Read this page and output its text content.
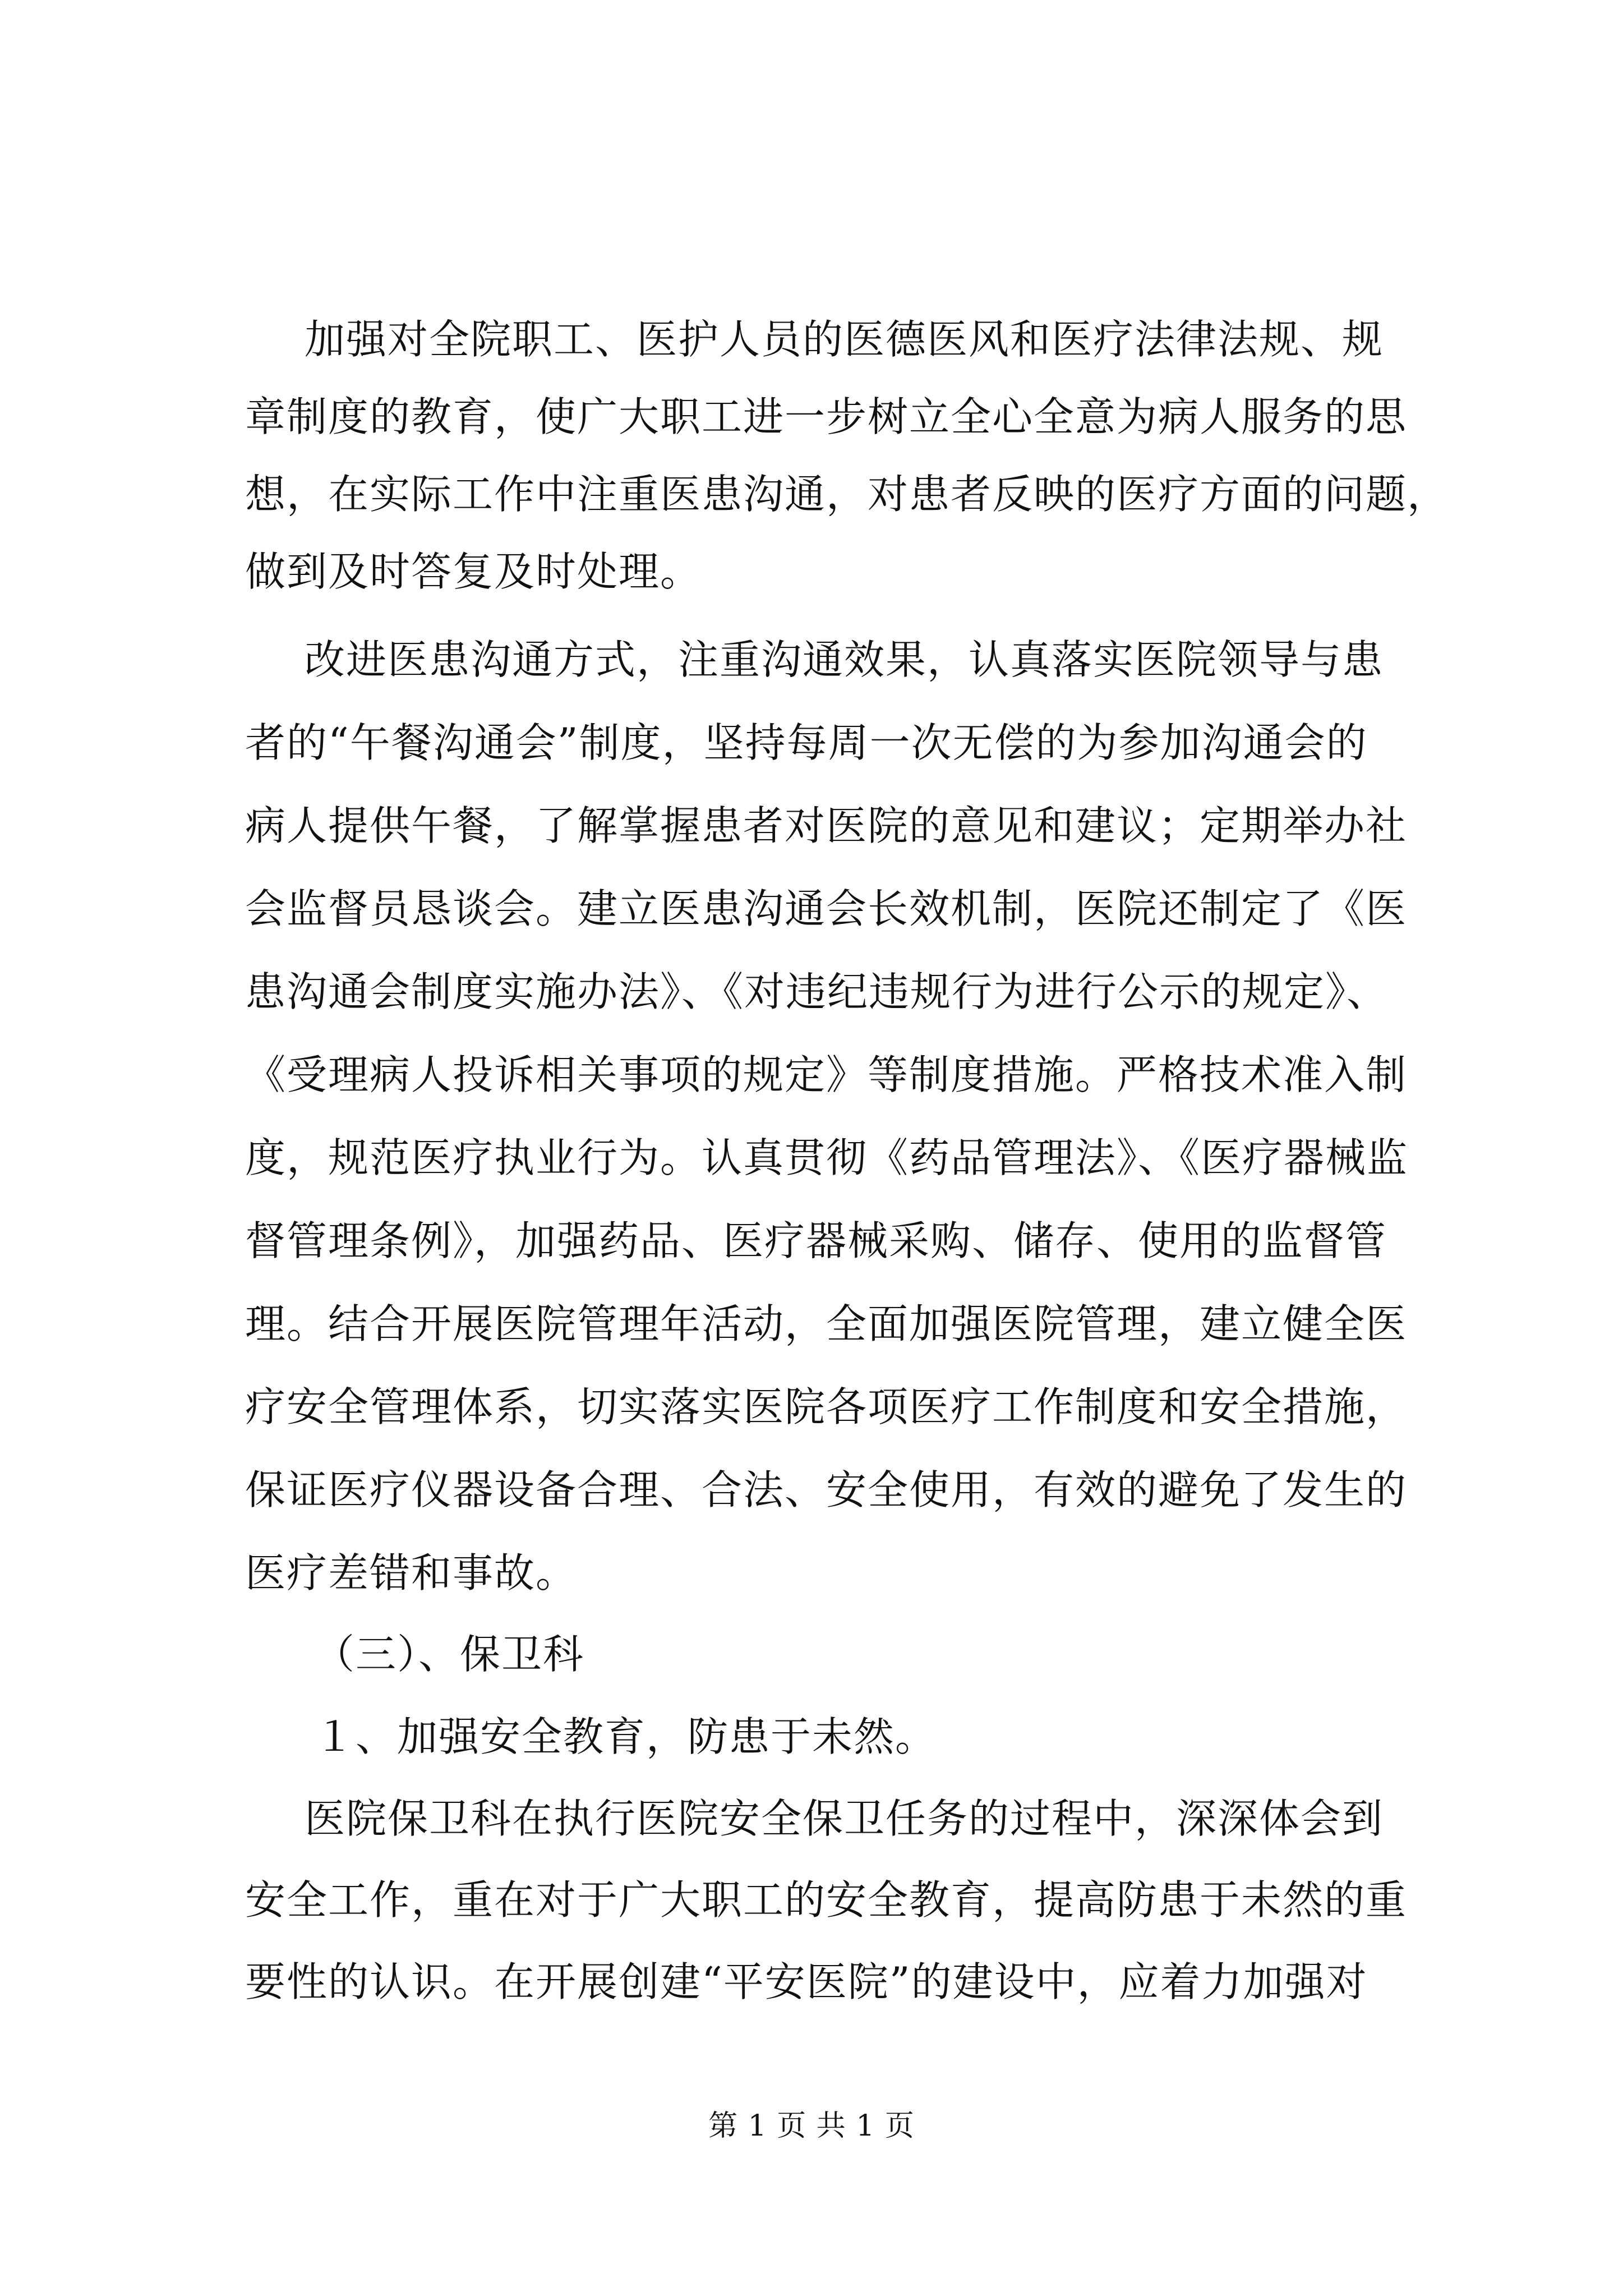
加强对全院职工、医护人员的医德医风和医疗法律法规、规
章制度的教育，使广大职工进一步树立全心全意为病人服务的思
想，在实际工作中注重医患沟通，对患者反映的医疗方面的问题，
做到及时答复及时处理。
改进医患沟通方式，注重沟通效果，认真落实医院领导与患
者的“午餐沟通会”制度，坚持每周一次无偿的为参加沟通会的
病人提供午餐，了解掌握患者对医院的意见和建议；定期举办社
会监督员恳谈会。建立医患沟通会长效机制，医院还制定了《医
患沟通会制度实施办法》、《对违纪违规行为进行公示的规定》、
《受理病人投诉相关事项的规定》等制度措施。严格技术准入制
度，规范医疗执业行为。认真贯彻《药品管理法》、《医疗器械监
督管理条例》，加强药品、医疗器械采购、储存、使用的监督管
理。结合开展医院管理年活动，全面加强医院管理，建立健全医
疗安全管理体系，切实落实医院各项医疗工作制度和安全措施，
保证医疗仪器设备合理、合法、安全使用，有效的避免了发生的
医疗差错和事故。
（三）、保卫科
１、加强安全教育，防患于未然。
医院保卫科在执行医院安全保卫任务的过程中，深深体会到
安全工作，重在对于广大职工的安全教育，提高防患于未然的重
要性的认识。在开展创建“平安医院”的建设中，应着力加强对
第 1 页 共 1 页
